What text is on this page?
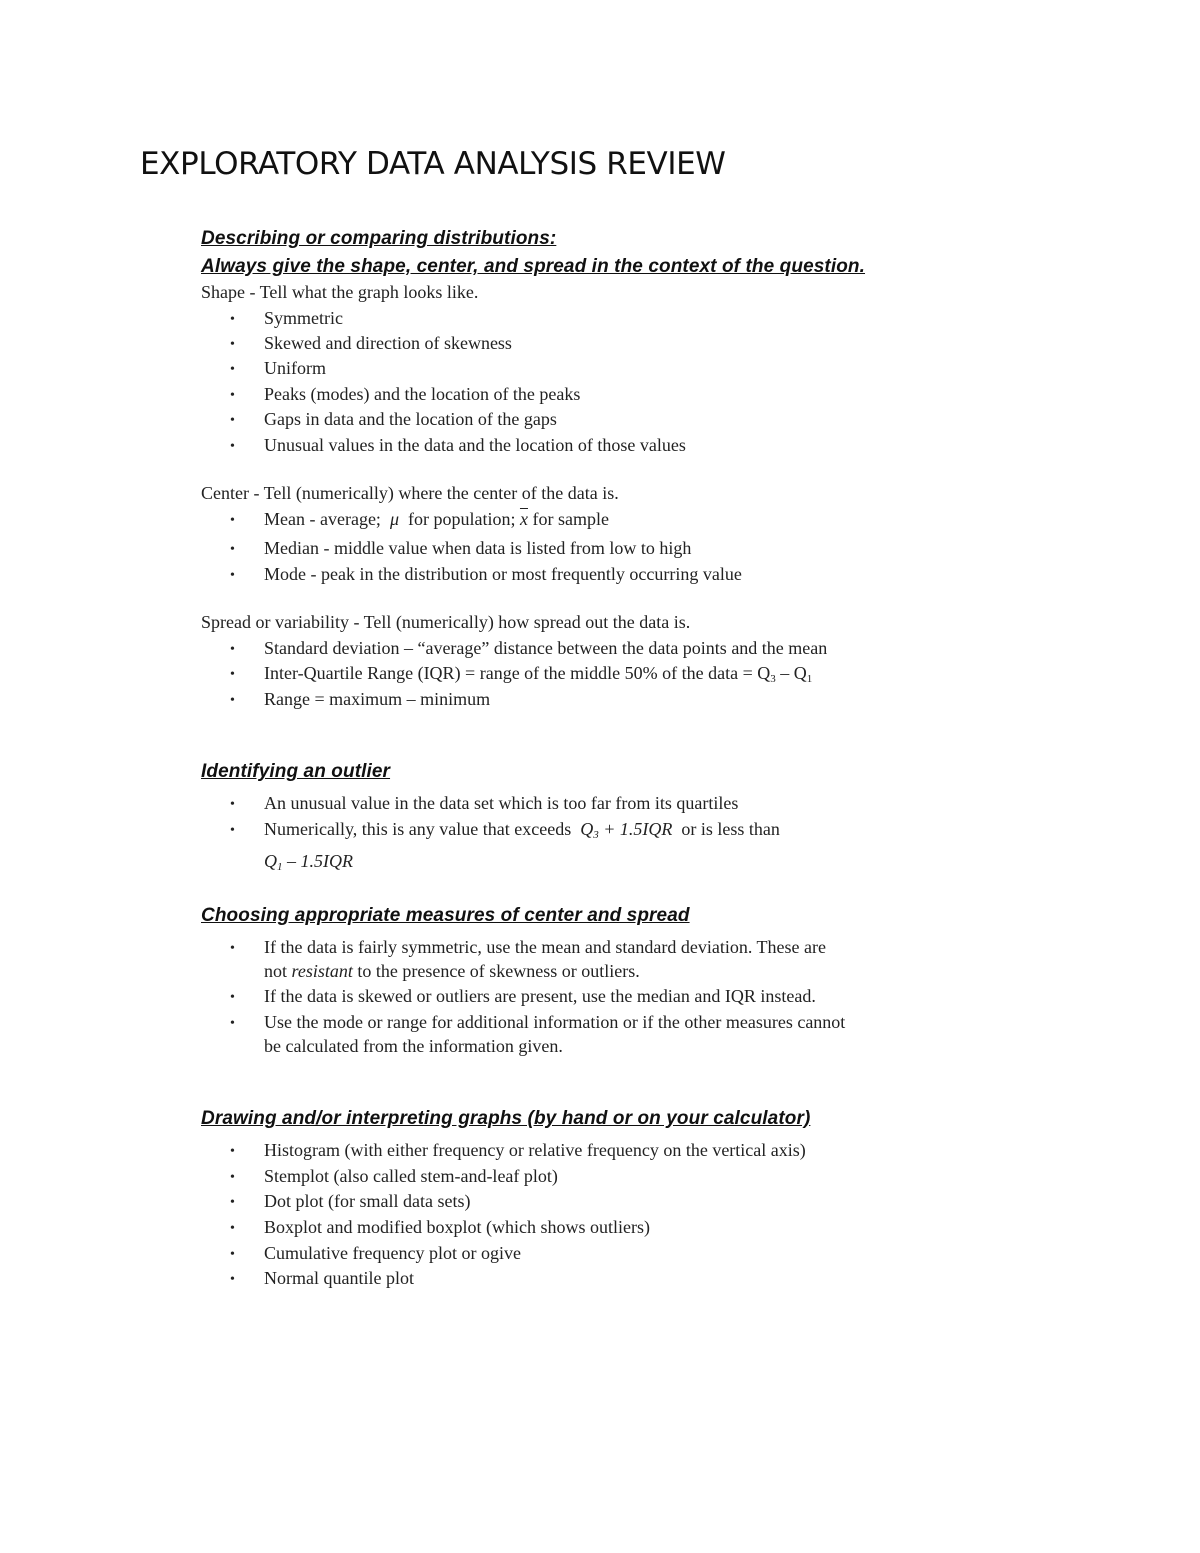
EXPLORATORY DATA ANALYSIS REVIEW
Describing or comparing distributions:
Always give the shape, center, and spread in the context of the question.
Shape - Tell what the graph looks like.
• Symmetric
• Skewed and direction of skewness
• Uniform
• Peaks (modes) and the location of the peaks
• Gaps in data and the location of the gaps
• Unusual values in the data and the location of those values
Center - Tell (numerically) where the center of the data is.
• Mean - average; μ for population; $\overline{x}$ for sample
• Median - middle value when data is listed from low to high
• Mode - peak in the distribution or most frequently occurring value
Spread or variability - Tell (numerically) how spread out the data is.
• Standard deviation – “average” distance between the data points and the mean
• Inter-Quartile Range (IQR) = range of the middle 50% of the data = $Q_3 - Q_1$
• Range = maximum – minimum
Identifying an outlier
• An unusual value in the data set which is too far from its quartiles
• Numerically, this is any value that exceeds $Q_3 + 1.5IQR$ or is less than
$Q_1 - 1.5IQR$
Choosing appropriate measures of center and spread
• If the data is fairly symmetric, use the mean and standard deviation. These are
not resistant to the presence of skewness or outliers.
• If the data is skewed or outliers are present, use the median and IQR instead.
• Use the mode or range for additional information or if the other measures cannot
be calculated from the information given.
Drawing and/or interpreting graphs (by hand or on your calculator)
• Histogram (with either frequency or relative frequency on the vertical axis)
• Stemplot (also called stem-and-leaf plot)
• Dot plot (for small data sets)
• Boxplot and modified boxplot (which shows outliers)
• Cumulative frequency plot or ogive
• Normal quantile plot
